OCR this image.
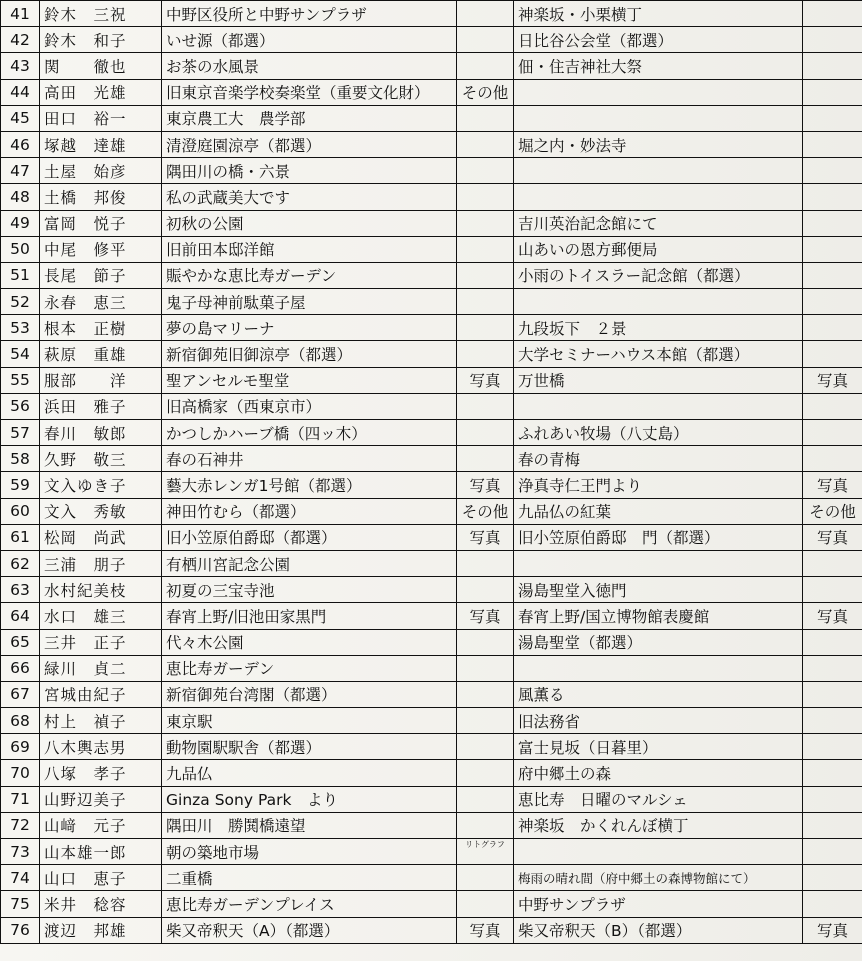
41	鈴木　三祝	中野区役所と中野サンプラザ		神楽坂・小栗横丁	
42	鈴木　和子	いせ源（都選）		日比谷公会堂（都選）	
43	関　　徹也	お茶の水風景		佃・住吉神社大祭	
44	高田　光雄	旧東京音楽学校奏楽堂（重要文化財）	その他		
45	田口　裕一	東京農工大　農学部			
46	塚越　達雄	清澄庭園涼亭（都選）		堀之内・妙法寺	
47	土屋　始彦	隅田川の橋・六景			
48	土橋　邦俊	私の武蔵美大です			
49	富岡　悦子	初秋の公園		吉川英治記念館にて	
50	中尾　修平	旧前田本邸洋館		山あいの恩方郵便局	
51	長尾　節子	賑やかな恵比寿ガーデン		小雨のトイスラー記念館（都選）	
52	永春　恵三	鬼子母神前駄菓子屋			
53	根本　正樹	夢の島マリーナ		九段坂下　２景	
54	萩原　重雄	新宿御苑旧御涼亭（都選）		大学セミナーハウス本館（都選）	
55	服部　　洋	聖アンセルモ聖堂	写真	万世橋	写真
56	浜田　雅子	旧高橋家（西東京市）			
57	春川　敏郎	かつしかハーブ橋（四ッ木）		ふれあい牧場（八丈島）	
58	久野　敬三	春の石神井		春の青梅	
59	文入ゆき子	藝大赤レンガ1号館（都選）	写真	浄真寺仁王門より	写真
60	文入　秀敏	神田竹むら（都選）	その他	九品仏の紅葉	その他
61	松岡　尚武	旧小笠原伯爵邸（都選）	写真	旧小笠原伯爵邸　門（都選）	写真
62	三浦　朋子	有栖川宮記念公園			
63	水村紀美枝	初夏の三宝寺池		湯島聖堂入徳門	
64	水口　雄三	春宵上野/旧池田家黒門	写真	春宵上野/国立博物館表慶館	写真
65	三井　正子	代々木公園		湯島聖堂（都選）	
66	緑川　貞二	恵比寿ガーデン			
67	宮城由紀子	新宿御苑台湾閣（都選）		風薫る	
68	村上　禎子	東京駅		旧法務省	
69	八木輿志男	動物園駅駅舎（都選）		富士見坂（日暮里）	
70	八塚　孝子	九品仏		府中郷土の森	
71	山野辺美子	Ginza Sony Park　より		恵比寿　日曜のマルシェ	
72	山﨑　元子	隅田川　勝鬨橋遠望		神楽坂　かくれんぼ横丁	
73	山本雄一郎	朝の築地市場	リトグラフ		
74	山口　恵子	二重橋		梅雨の晴れ間（府中郷土の森博物館にて）	
75	米井　稔容	恵比寿ガーデンプレイス		中野サンプラザ	
76	渡辺　邦雄	柴又帝釈天（A）（都選）	写真	柴又帝釈天（B）（都選）	写真
